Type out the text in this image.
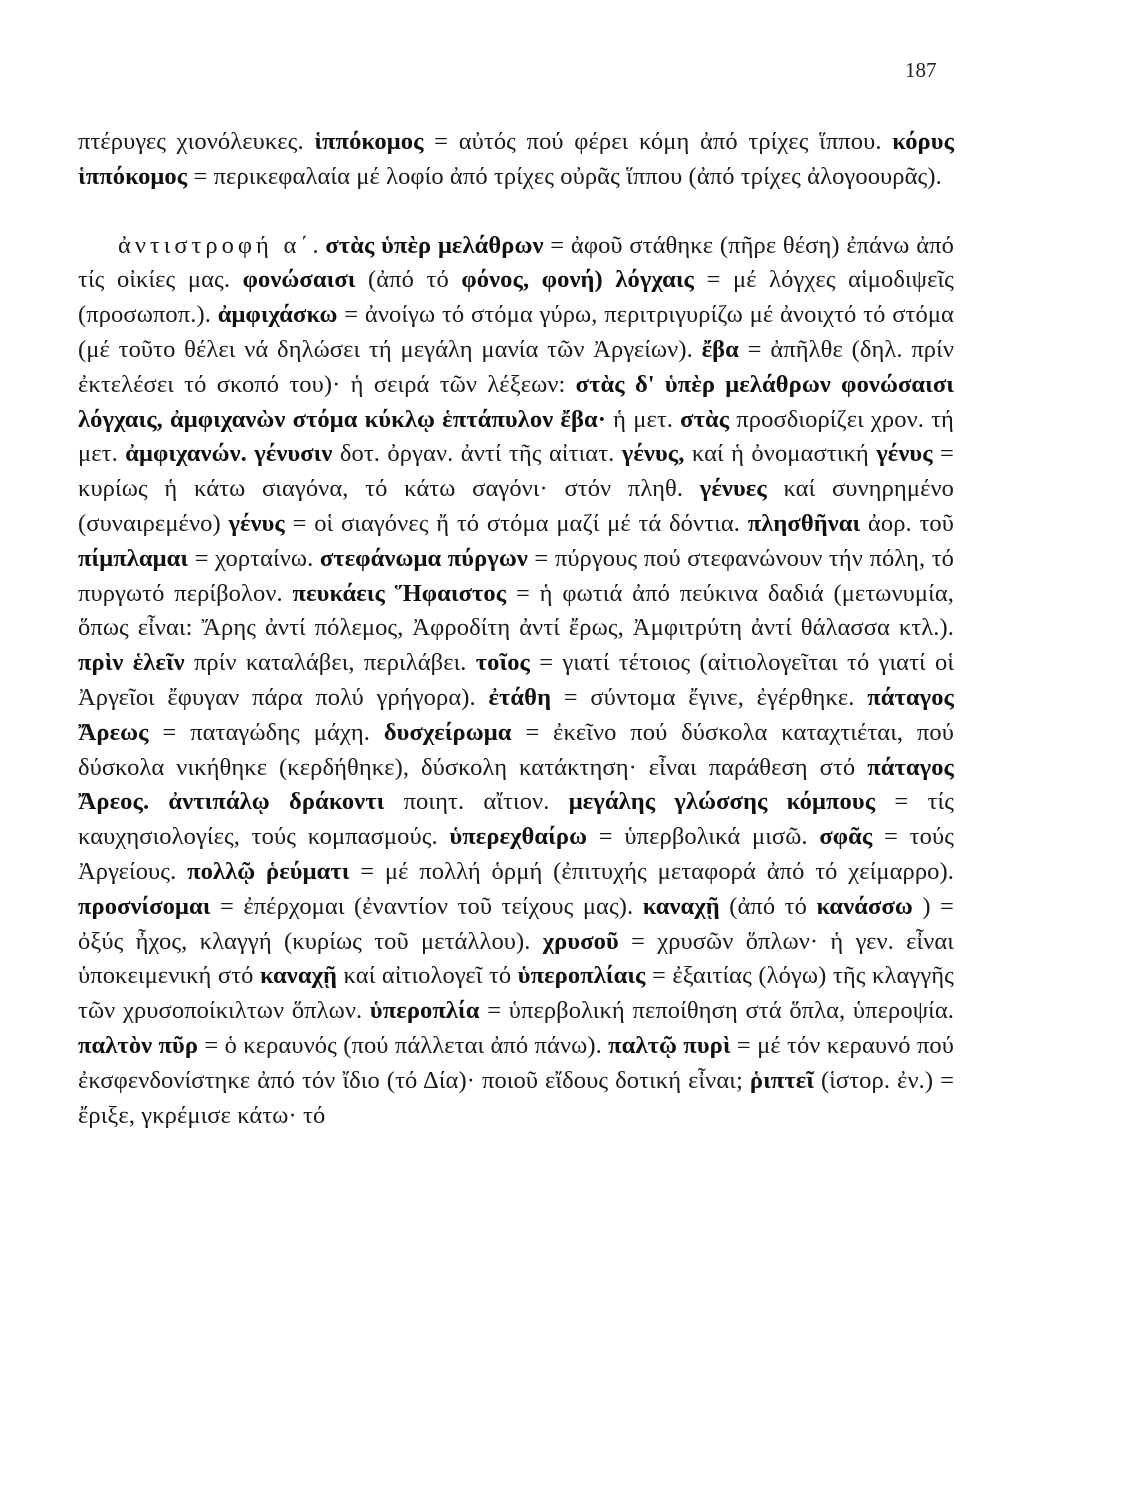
187

πτέρυγες χιονόλευκες. ἱππόκομος = αὐτός πού φέρει κόμη ἀπό τρίχες ἵππου. κόρυς ἱππόκομος = περικεφαλαία μέ λοφίο ἀπό τρίχες οὐρᾶς ἵππου (ἀπό τρίχες ἀλογοουρᾶς).

ἀντιστροφή α΄. στὰς ὑπὲρ μελάθρων = ἀφοῦ στάθηκε (πῆρε θέση) ἐπάνω ἀπό τίς οἰκίες μας. φονώσαισι (ἀπό τό φόνος, φονή) λόγχαις = μέ λόγχες αἱμοδιψεῖς (προσωποπ.). ἀμφιχάσκω = ἀνοίγω τό στόμα γύρω, περιτριγυρίζω μέ ἀνοιχτό τό στόμα (μέ τοῦτο θέλει νά δηλώσει τή μεγάλη μανία τῶν Ἀργείων). ἔβα = ἀπῆλθε (δηλ. πρίν ἐκτελέσει τό σκοπό του)· ἡ σειρά τῶν λέξεων: στὰς δ' ὑπὲρ μελάθρων φονώσαισι λόγχαις, ἀμφιχανὼν στόμα κύκλῳ ἑπτάπυλον ἔβα· ἡ μετ. στὰς προσδιορίζει χρον. τή μετ. ἀμφιχανών. γένυσιν δοτ. ὀργαν. ἀντί τῆς αἰτιατ. γένυς, καί ἡ ὀνομαστική γένυς = κυρίως ἡ κάτω σιαγόνα, τό κάτω σαγόνι· στόν πληθ. γένυες καί συνηρημένο (συναιρεμένο) γένυς = οἱ σιαγόνες ἤ τό στόμα μαζί μέ τά δόντια. πλησθῆναι ἀορ. τοῦ πίμπλαμαι = χορταίνω. στεφάνωμα πύργων = πύργους πού στεφανώνουν τήν πόλη, τό πυργωτό περίβολον. πευκάεις Ἥφαιστος = ἡ φωτιά ἀπό πεύκινα δαδιά (μετωνυμία, ὅπως εἶναι: Ἄρης ἀντί πόλεμος, Ἀφροδίτη ἀντί ἔρως, Ἀμφιτρύτη ἀντί θάλασσα κτλ.). πρὶν ἑλεῖν πρίν καταλάβει, περιλάβει. τοῖος = γιατί τέτοιος (αἰτιολογεῖται τό γιατί οἱ Ἀργεῖοι ἔφυγαν πάρα πολύ γρήγορα). ἐτάθη = σύντομα ἔγινε, ἐγέρθηκε. πάταγος Ἄρεως = παταγώδης μάχη. δυσχείρωμα = ἐκεῖνο πού δύσκολα καταχτιέται, πού δύσκολα νικήθηκε (κερδήθηκε), δύσκολη κατάκτηση· εἶναι παράθεση στό πάταγος Ἄρεος. ἀντιπάλῳ δράκοντι ποιητ. αἴτιον. μεγάλης γλώσσης κόμπους = τίς καυχησιολογίες, τούς κομπασμούς. ὑπερεχθαίρω = ὑπερβολικά μισῶ. σφᾶς = τούς Ἀργείους. πολλῷ ῥεύματι = μέ πολλή ὁρμή (ἐπιτυχής μεταφορά ἀπό τό χείμαρρο). προσνίσομαι = ἐπέρχομαι (ἐναντίον τοῦ τείχους μας). καναχῇ (ἀπό τό κανάσσω ) = ὀξύς ἦχος, κλαγγή (κυρίως τοῦ μετάλλου). χρυσοῦ = χρυσῶν ὅπλων· ἡ γεν. εἶναι ὑποκειμενική στό καναχῇ καί αἰτιολογεῖ τό ὑπεροπλίαις = ἐξαιτίας (λόγω) τῆς κλαγγῆς τῶν χρυσοποίκιλτων ὅπλων. ὑπεροπλία = ὑπερβολική πεποίθηση στά ὅπλα, ὑπεροψία. παλτὸν πῦρ = ὁ κεραυνός (πού πάλλεται ἀπό πάνω). παλτῷ πυρὶ = μέ τόν κεραυνό πού ἐκσφενδονίστηκε ἀπό τόν ἴδιο (τό Δία)· ποιοῦ εἴδους δοτική εἶναι; ῥιπτεῖ (ἱστορ. ἐν.) = ἔριξε, γκρέμισε κάτω· τό
